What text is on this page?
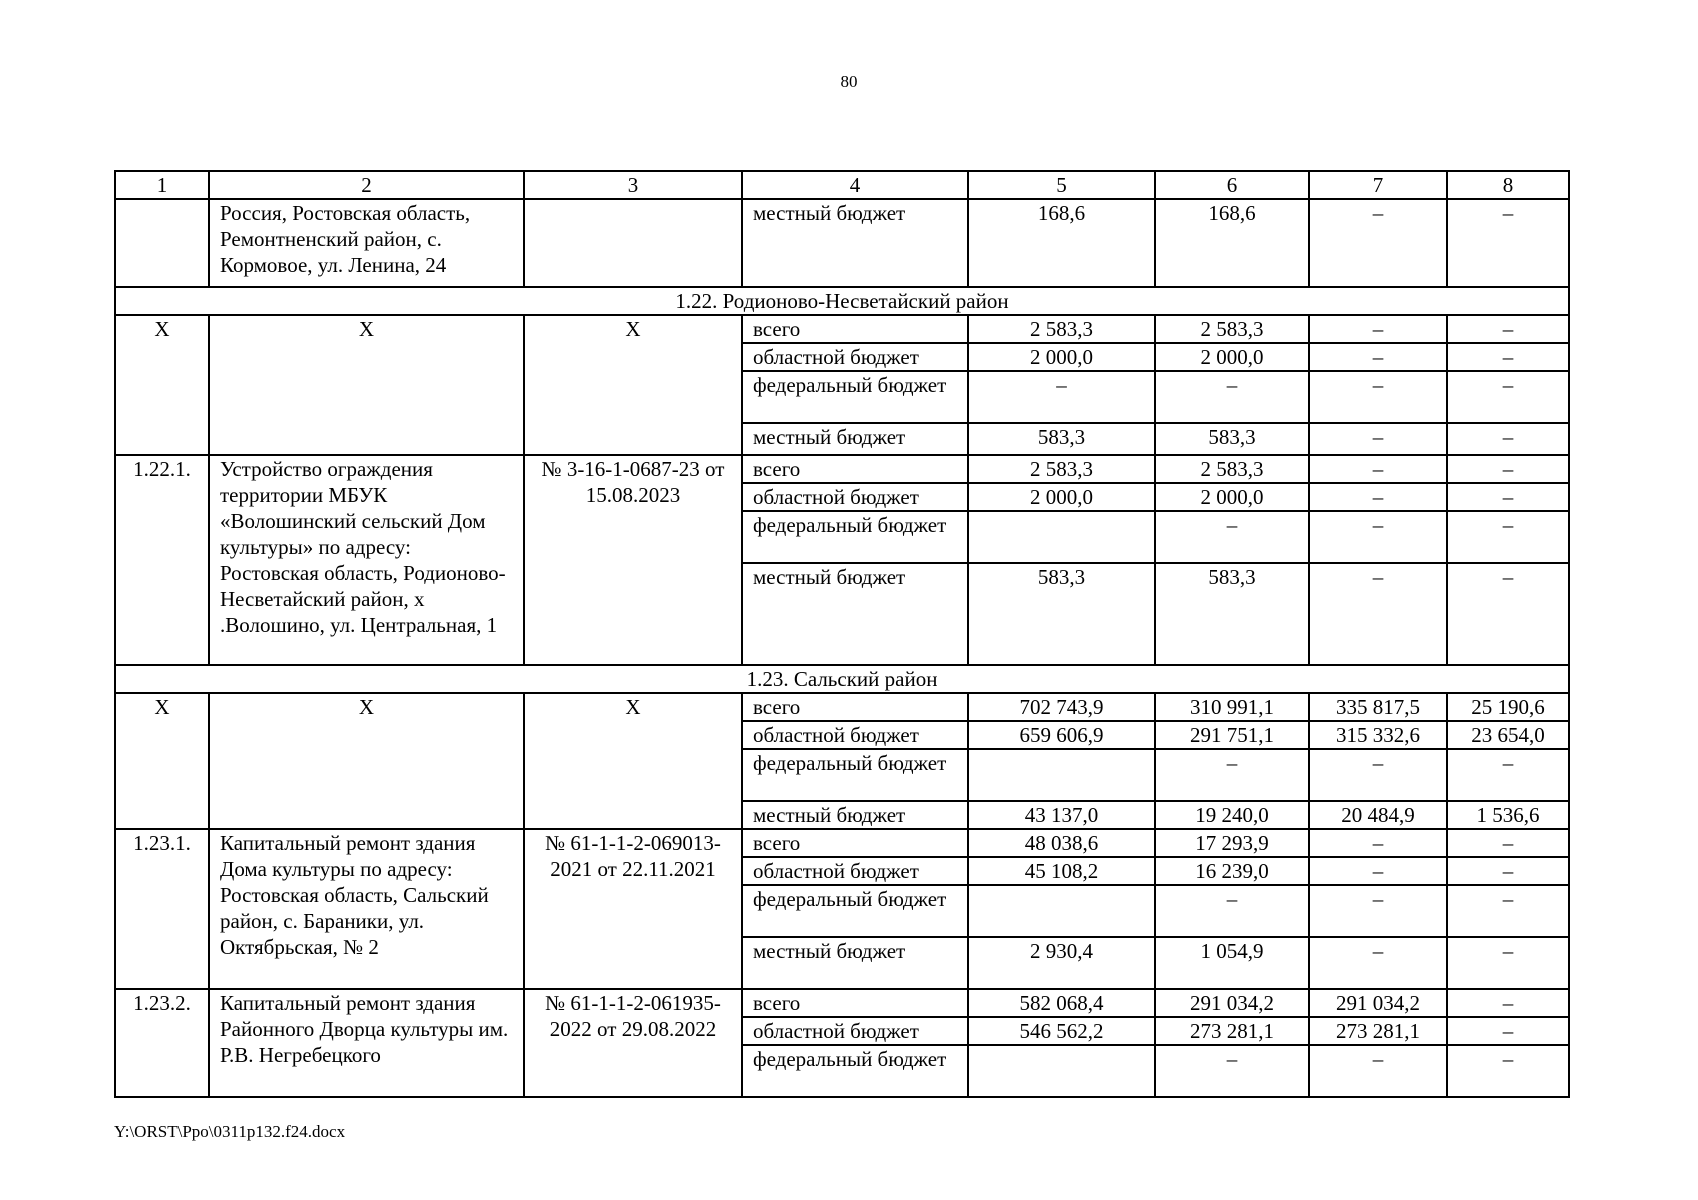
80
1	2	3	4	5	6	7	8
	Россия, Ростовская область, Ремонтненский район, с. Кормовое, ул. Ленина, 24		местный бюджет	168,6	168,6	–	–
1.22. Родионово-Несветайский район							
Х	Х	Х	всего	2 583,3	2 583,3	–	–
			областной бюджет	2 000,0	2 000,0	–	–
			федеральный бюджет	–	–	–	–
			местный бюджет	583,3	583,3	–	–
1.22.1.	Устройство ограждения территории МБУК «Волошинский сельский Дом культуры» по адресу: Ростовская область, Родионово-Несветайский район, х .Волошино, ул. Центральная, 1	№ 3-16-1-0687-23 от 15.08.2023	всего	2 583,3	2 583,3	–	–
			областной бюджет	2 000,0	2 000,0	–	–
			федеральный бюджет		–	–	–
			местный бюджет	583,3	583,3	–	–
1.23. Сальский район							
Х	Х	Х	всего	702 743,9	310 991,1	335 817,5	25 190,6
			областной бюджет	659 606,9	291 751,1	315 332,6	23 654,0
			федеральный бюджет		–	–	–
			местный бюджет	43 137,0	19 240,0	20 484,9	1 536,6
1.23.1.	Капитальный ремонт здания Дома культуры по адресу: Ростовская область, Сальский район, с. Бараники, ул. Октябрьская, № 2	№ 61-1-1-2-069013-2021 от 22.11.2021	всего	48 038,6	17 293,9	–	–
			областной бюджет	45 108,2	16 239,0	–	–
			федеральный бюджет		–	–	–
			местный бюджет	2 930,4	1 054,9	–	–
1.23.2.	Капитальный ремонт здания Районного Дворца культуры им. Р.В. Негребецкого	№ 61-1-1-2-061935-2022 от 29.08.2022	всего	582 068,4	291 034,2	291 034,2	–
			областной бюджет	546 562,2	273 281,1	273 281,1	–
			федеральный бюджет		–	–	–
Y:\ORST\Ppo\0311p132.f24.docx
